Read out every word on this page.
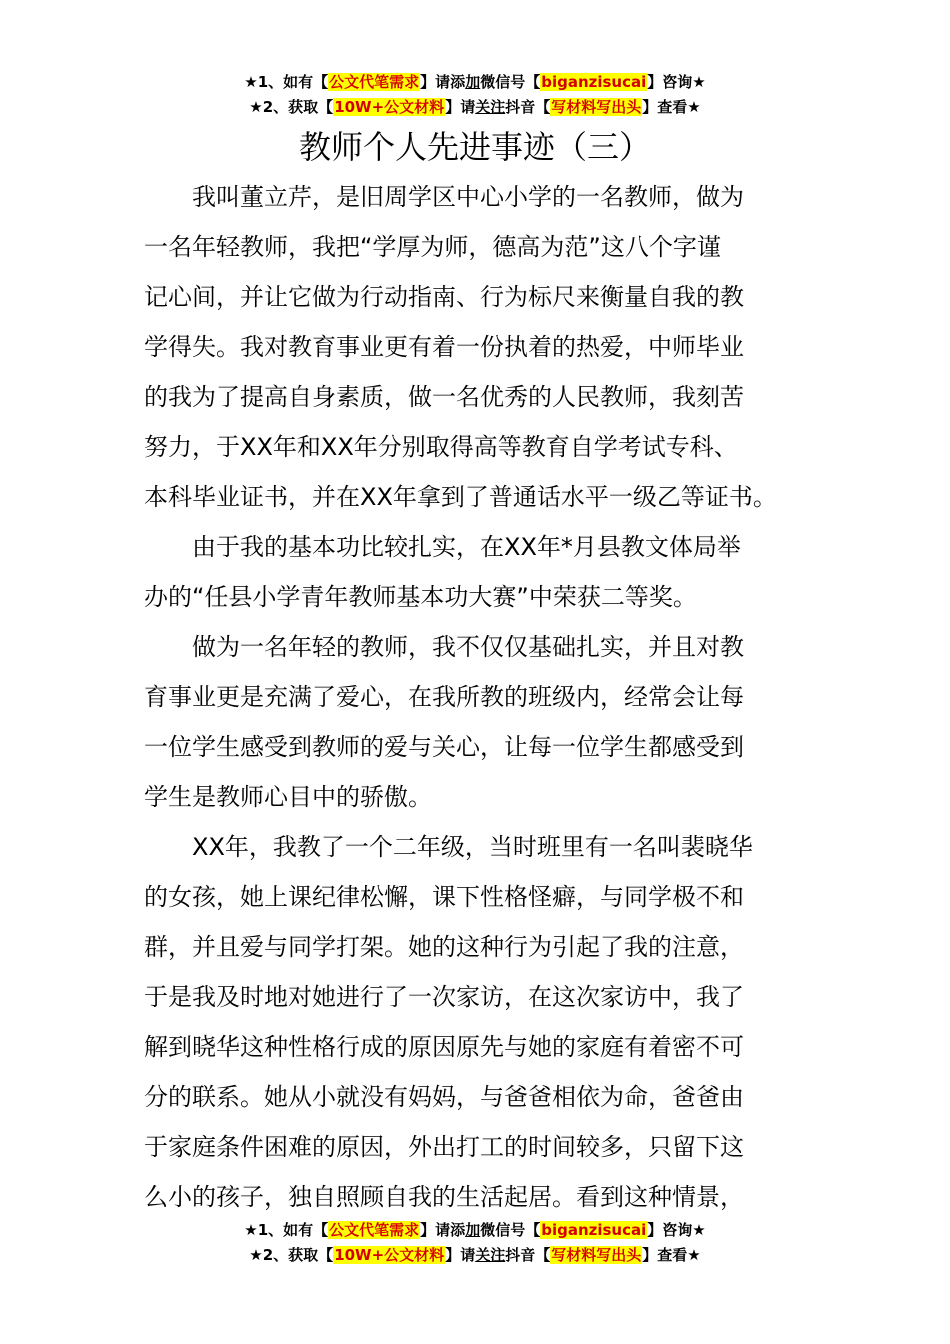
★1、如有【公文代笔需求】请添加微信号【biganzisucai】咨询★
★2、获取【10W+公文材料】请关注抖音【写材料写出头】查看★
教师个人先进事迹（三）

　　我叫董立芹，是旧周学区中心小学的一名教师，做为
一名年轻教师，我把“学厚为师，德高为范”这八个字谨
记心间，并让它做为行动指南、行为标尺来衡量自我的教
学得失。我对教育事业更有着一份执着的热爱，中师毕业
的我为了提高自身素质，做一名优秀的人民教师，我刻苦
努力，于XX年和XX年分别取得高等教育自学考试专科、
本科毕业证书，并在XX年拿到了普通话水平一级乙等证书。

　　由于我的基本功比较扎实，在XX年*月县教文体局举
办的“任县小学青年教师基本功大赛”中荣获二等奖。

　　做为一名年轻的教师，我不仅仅基础扎实，并且对教
育事业更是充满了爱心，在我所教的班级内，经常会让每
一位学生感受到教师的爱与关心，让每一位学生都感受到
学生是教师心目中的骄傲。

　　XX年，我教了一个二年级，当时班里有一名叫裴晓华
的女孩，她上课纪律松懈，课下性格怪癖，与同学极不和
群，并且爱与同学打架。她的这种行为引起了我的注意，
于是我及时地对她进行了一次家访，在这次家访中，我了
解到晓华这种性格行成的原因原先与她的家庭有着密不可
分的联系。她从小就没有妈妈，与爸爸相依为命，爸爸由
于家庭条件困难的原因，外出打工的时间较多，只留下这
么小的孩子，独自照顾自我的生活起居。看到这种情景，

★1、如有【公文代笔需求】请添加微信号【biganzisucai】咨询★
★2、获取【10W+公文材料】请关注抖音【写材料写出头】查看★
